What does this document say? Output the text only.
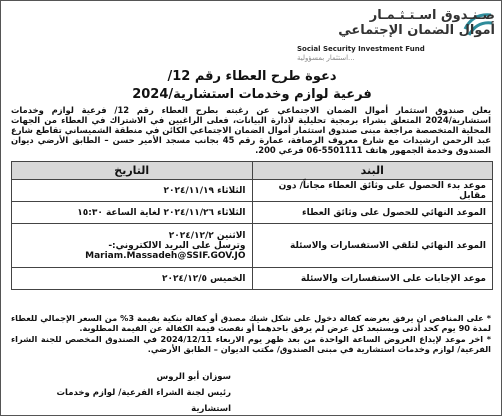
صـنـدوق اسـتـثـمـار
أموال الضمان الإجتماعي
Social Security Investment Fund
...استثمار بمسؤولية
دعوة طرح العطاء رقم 12/
فرعية لوازم وخدمات استشارية/2024
يعلن صندوق استثمار أموال الضمان الاجتماعي عن رغبته بطرح العطاء رقم 12/ فرعية لوازم وخدمات استشارية/2024 المتعلق بشراء برمجية تحليلية لادارة البيانات، فعلى الراغبين في الاشتراك في العطاء من الجهات المحلية المتخصصة مراجعة مبنى صندوق استثمار أموال الضمان الاجتماعي الكائن في منطقة الشميساني تقاطع شارع عبد الرحمن ارشيدات مع شارع معروف الرصافة، عمارة رقم 45 بجانب مسجد الأمير حسن – الطابق الأرضي ديوان الصندوق وخدمة الجمهور هاتف 5501111-06 فرعي 200.
البند	التاريخ
موعد بدء الحصول على وثائق العطاء مجاناً/ دون مقابل	الثلاثاء ٢٠٢٤/١١/١٩
الموعد النهائي للحصول على وثائق العطاء	الثلاثاء ٢٠٢٤/١١/٢٦ لغاية الساعة ١٥:٣٠
الموعد النهائي لتلقي الاستفسارات والاسئلة	الاثنين ٢٠٢٤/١٢/٢
وترسل على البريد الالكتروني:-
Mariam.Massadeh@SSIF.GOV.JO

موعد الإجابات على الاستفسارات والاسئلة	الخميس ٢٠٢٤/١٢/٥
* على المناقص ان يرفق بعرضه كفالة دخول على شكل شيك مصدق أو كفالة بنكية بقيمة 3% من السعر الإجمالي للعطاء لمدة 90 يوم كحد أدنى ويستبعد كل عرض لم يرفق باحدهما أو نقصت قيمة الكفالة عن القيمة المطلوبة.
* اخر موعد لإيداع العروض الساعة الواحدة من بعد ظهر يوم الاربعاء 2024/12/11 في الصندوق المخصص للجنة الشراء الفرعية/ لوازم وخدمات استشارية في مبنى الصندوق/ مكتب الديوان – الطابق الأرضي.
سوزان أبو الروس
رئيس لجنة الشراء الفرعية/ لوازم وخدمات استشارية
